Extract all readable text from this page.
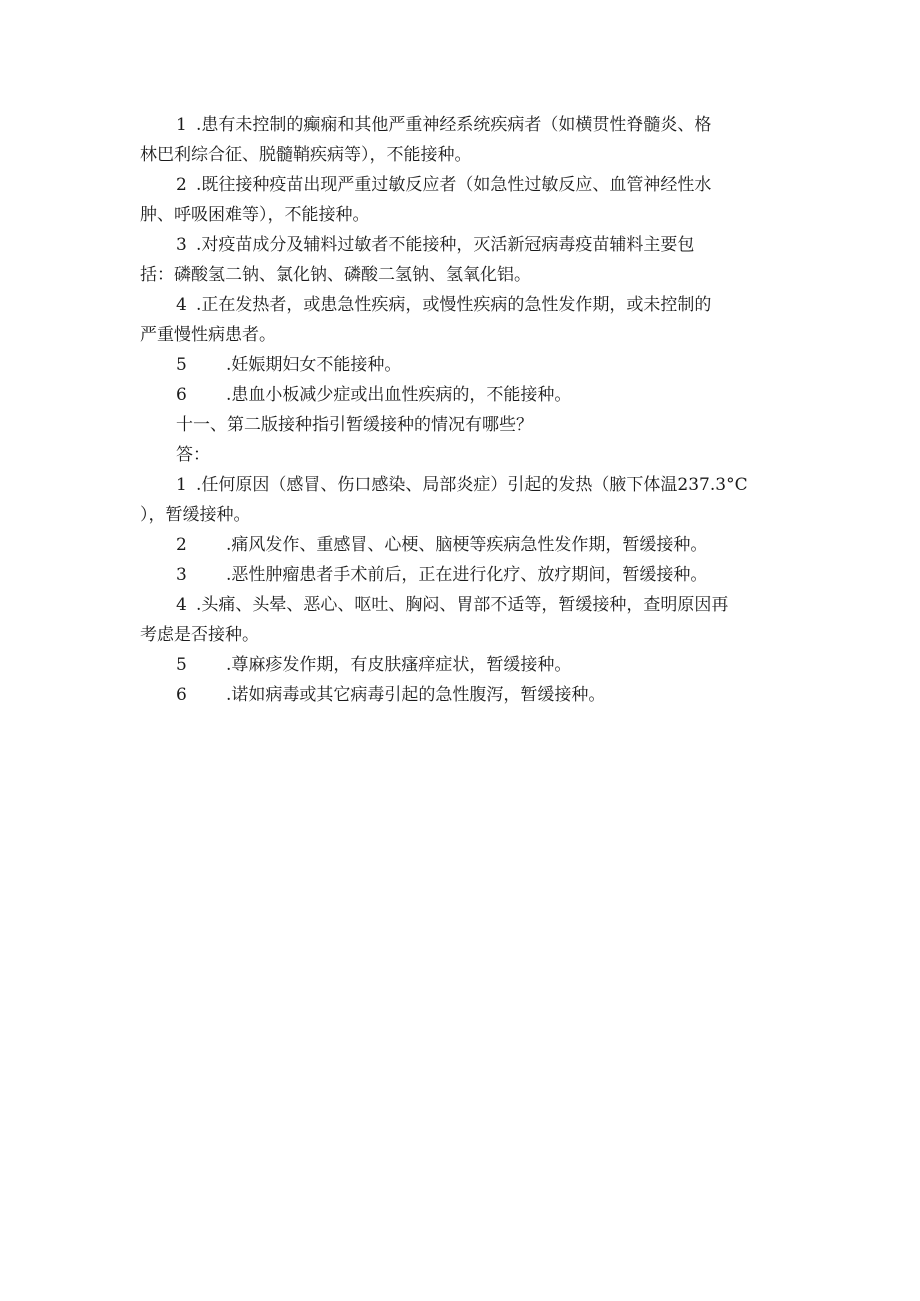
1 .患有未控制的癫痫和其他严重神经系统疾病者（如横贯性脊髓炎、格
林巴利综合征、脱髓鞘疾病等），不能接种。
2 .既往接种疫苗出现严重过敏反应者（如急性过敏反应、血管神经性水
肿、呼吸困难等），不能接种。
3 .对疫苗成分及辅料过敏者不能接种，灭活新冠病毒疫苗辅料主要包
括：磷酸氢二钠、氯化钠、磷酸二氢钠、氢氧化铝。
4 .正在发热者，或患急性疾病，或慢性疾病的急性发作期，或未控制的
严重慢性病患者。
5 .妊娠期妇女不能接种。
6 .患血小板减少症或出血性疾病的，不能接种。
十一、第二版接种指引暂缓接种的情况有哪些？
答：
1 .任何原因（感冒、伤口感染、局部炎症）引起的发热（腋下体温237.3°C
），暂缓接种。
2 .痛风发作、重感冒、心梗、脑梗等疾病急性发作期，暂缓接种。
3 .恶性肿瘤患者手术前后，正在进行化疗、放疗期间，暂缓接种。
4 .头痛、头晕、恶心、呕吐、胸闷、胃部不适等，暂缓接种，查明原因再
考虑是否接种。
5 .尊麻疹发作期，有皮肤瘙痒症状，暂缓接种。
6 .诺如病毒或其它病毒引起的急性腹泻，暂缓接种。
